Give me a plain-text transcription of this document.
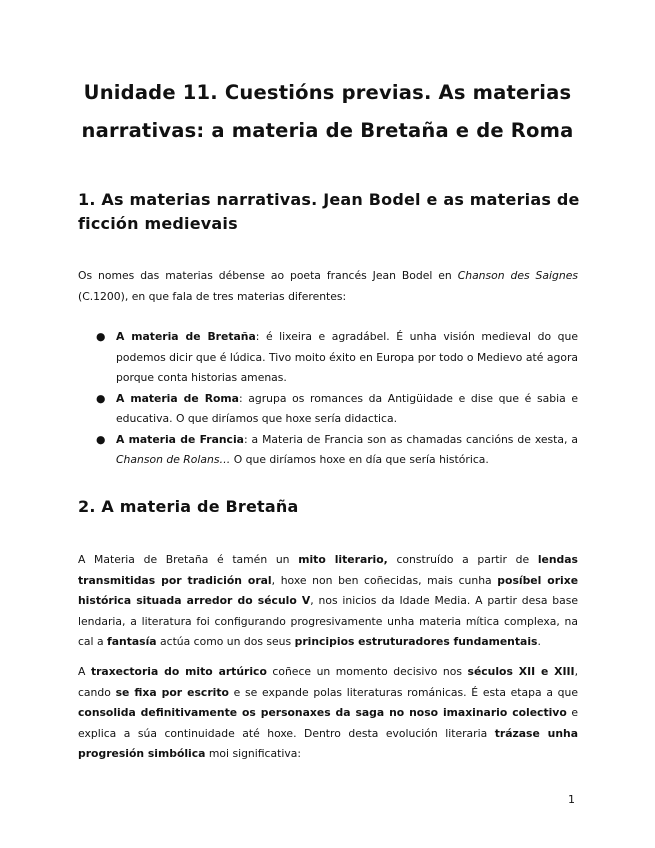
Unidade 11. Cuestións previas. As materias
narrativas: a materia de Bretaña e de Roma
1. As materias narrativas. Jean Bodel e as materias de ficción medievais
Os nomes das materias débense ao poeta francés Jean Bodel en Chanson des Saignes (C.1200), en que fala de tres materias diferentes:
● A materia de Bretaña: é lixeira e agradábel. É unha visión medieval do que podemos dicir que é lúdica. Tivo moito éxito en Europa por todo o Medievo até agora porque conta historias amenas.
● A materia de Roma: agrupa os romances da Antigüidade e dise que é sabia e educativa. O que diríamos que hoxe sería didactica.
● A materia de Francia: a Materia de Francia son as chamadas cancións de xesta, a Chanson de Rolans… O que diríamos hoxe en día que sería histórica.
2. A materia de Bretaña
A Materia de Bretaña é tamén un mito literario, construído a partir de lendas transmitidas por tradición oral, hoxe non ben coñecidas, mais cunha posíbel orixe histórica situada arredor do século V, nos inicios da Idade Media. A partir desa base lendaria, a literatura foi configurando progresivamente unha materia mítica complexa, na cal a fantasía actúa como un dos seus principios estruturadores fundamentais.
A traxectoria do mito artúrico coñece un momento decisivo nos séculos XII e XIII, cando se fixa por escrito e se expande polas literaturas románicas. É esta etapa a que consolida definitivamente os personaxes da saga no noso imaxinario colectivo e explica a súa continuidade até hoxe. Dentro desta evolución literaria trázase unha progresión simbólica moi significativa:
1
